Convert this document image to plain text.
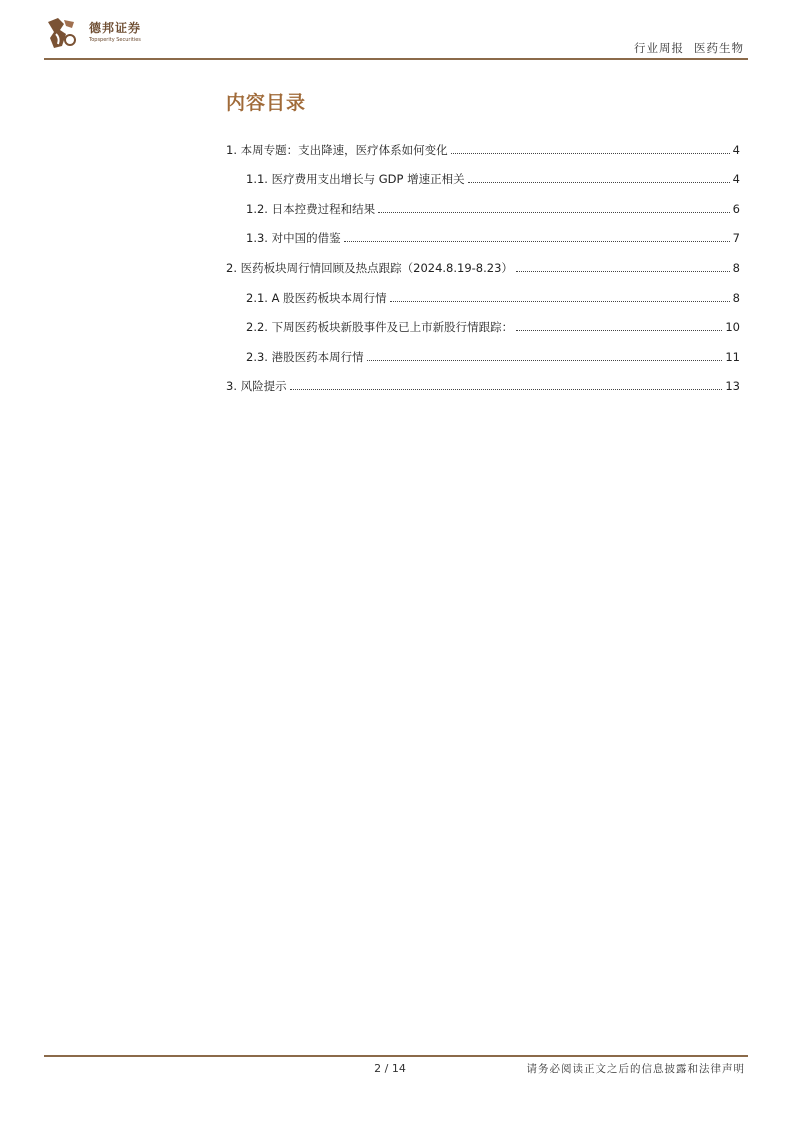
德邦证券
Topsperity Securities
行业周报 医药生物
内容目录
1. 本周专题：支出降速，医疗体系如何变化	4
1.1. 医疗费用支出增长与 GDP 增速正相关	4
1.2. 日本控费过程和结果	6
1.3. 对中国的借鉴	7
2. 医药板块周行情回顾及热点跟踪（2024.8.19-8.23）	8
2.1. A 股医药板块本周行情	8
2.2. 下周医药板块新股事件及已上市新股行情跟踪：	10
2.3. 港股医药本周行情	11
3. 风险提示	13
2 / 14	请务必阅读正文之后的信息披露和法律声明
